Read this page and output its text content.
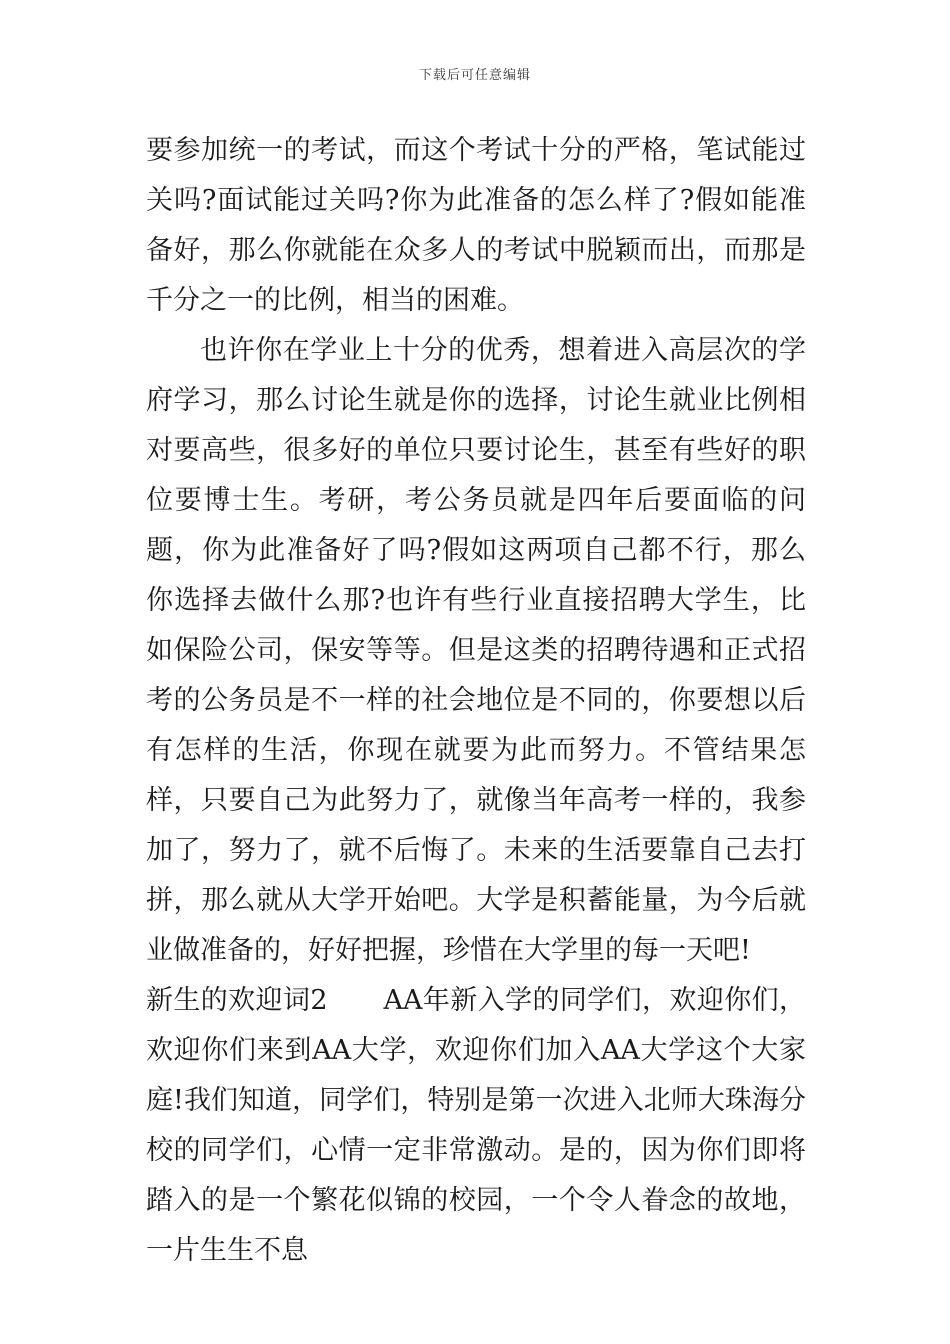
下载后可任意编辑

要参加统一的考试，而这个考试十分的严格，笔试能过关吗?面试能过关吗?你为此准备的怎么样了?假如能准备好，那么你就能在众多人的考试中脱颖而出，而那是千分之一的比例，相当的困难。

也许你在学业上十分的优秀，想着进入高层次的学府学习，那么讨论生就是你的选择，讨论生就业比例相对要高些，很多好的单位只要讨论生，甚至有些好的职位要博士生。考研，考公务员就是四年后要面临的问题，你为此准备好了吗?假如这两项自己都不行，那么你选择去做什么那?也许有些行业直接招聘大学生，比如保险公司，保安等等。但是这类的招聘待遇和正式招考的公务员是不一样的社会地位是不同的，你要想以后有怎样的生活，你现在就要为此而努力。不管结果怎样，只要自己为此努力了，就像当年高考一样的，我参加了，努力了，就不后悔了。未来的生活要靠自己去打拼，那么就从大学开始吧。大学是积蓄能量，为今后就业做准备的，好好把握，珍惜在大学里的每一天吧!

新生的欢迎词2 AA年新入学的同学们，欢迎你们，欢迎你们来到AA大学，欢迎你们加入AA大学这个大家庭!我们知道，同学们，特别是第一次进入北师大珠海分校的同学们，心情一定非常激动。是的，因为你们即将踏入的是一个繁花似锦的校园，一个令人眷念的故地，一片生生不息
